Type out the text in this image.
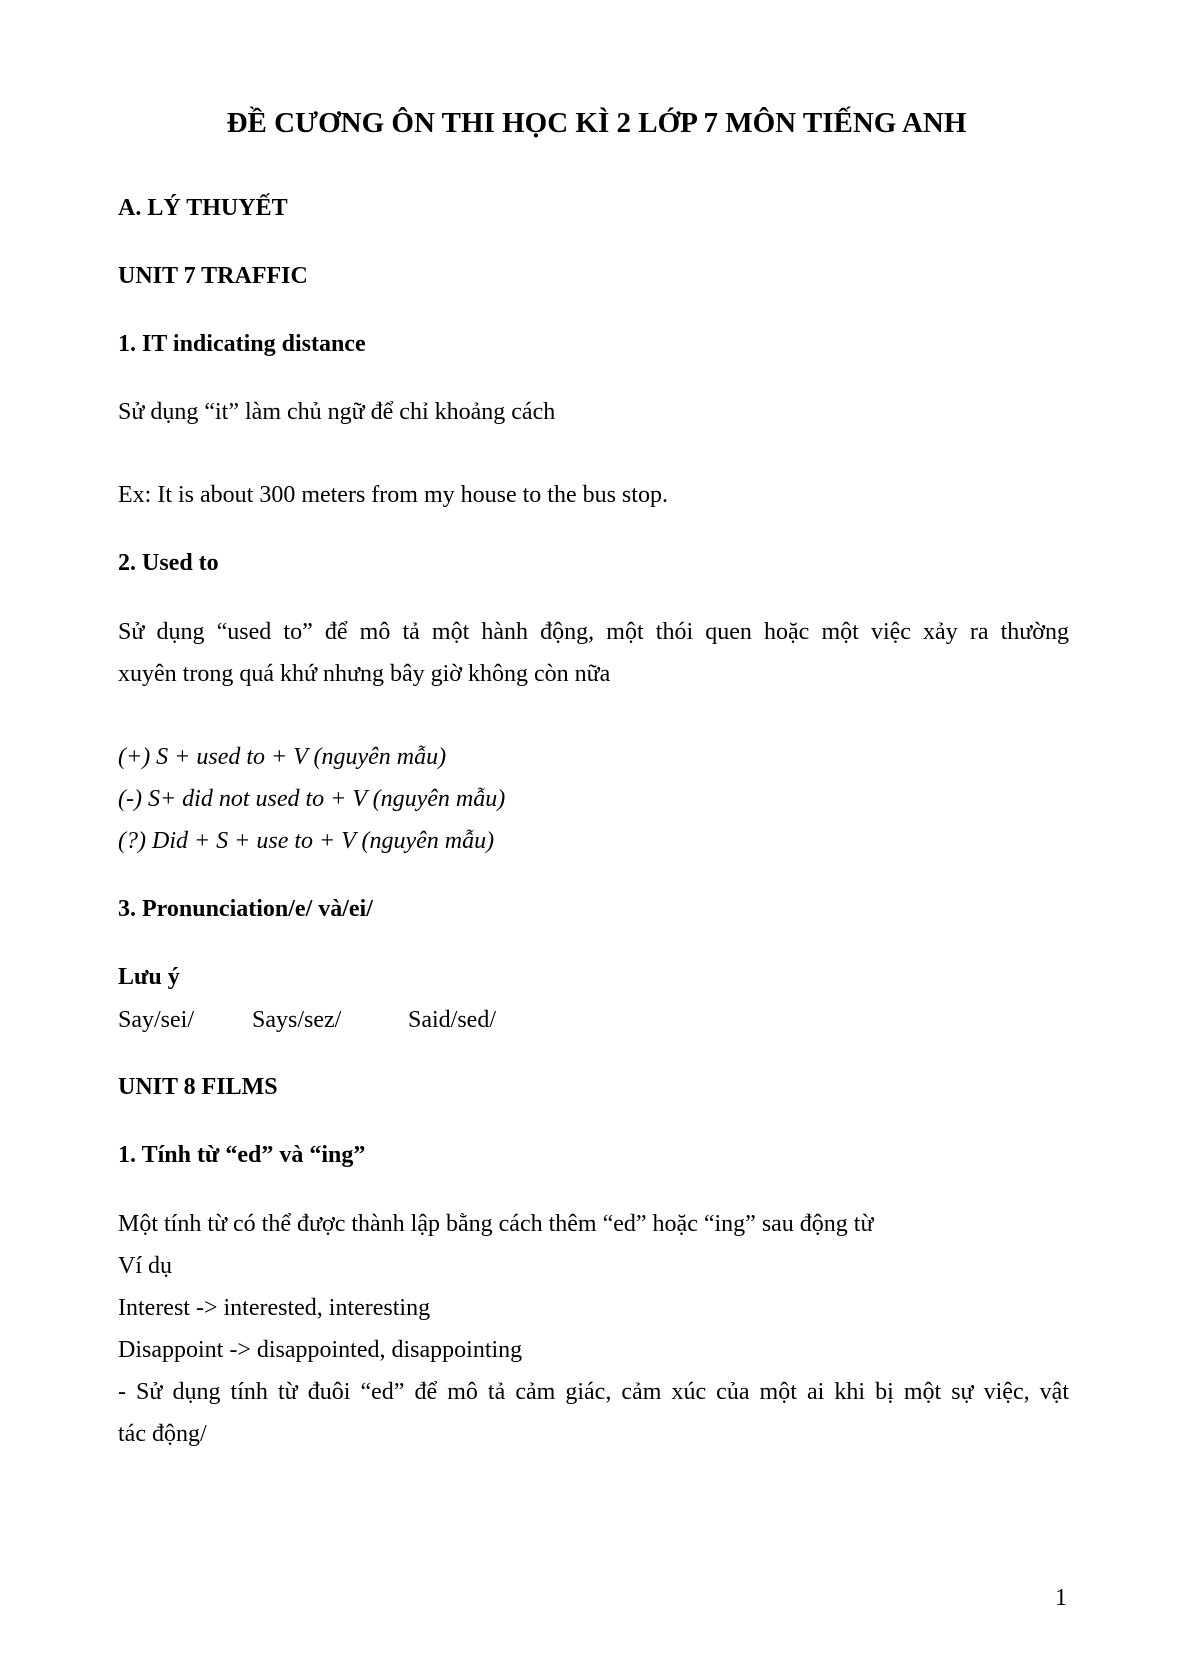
ĐỀ CƯƠNG ÔN THI HỌC KÌ 2 LỚP 7 MÔN TIẾNG ANH
A. LÝ THUYẾT
UNIT 7 TRAFFIC
1. IT indicating distance
Sử dụng “it” làm chủ ngữ để chỉ khoảng cách
Ex: It is about 300 meters from my house to the bus stop.
2. Used to
Sử dụng “used to” để mô tả một hành động, một thói quen hoặc một việc xảy ra thường
xuyên trong quá khứ nhưng bây giờ không còn nữa
(+) S + used to + V (nguyên mẫu)
(-) S+ did not used to + V (nguyên mẫu)
(?) Did + S + use to + V (nguyên mẫu)
3. Pronunciation/e/ và/ei/
Lưu ý
Say/sei/ Says/sez/	Said/sed/
UNIT 8 FILMS
1. Tính từ “ed” và “ing”
Một tính từ có thể được thành lập bằng cách thêm “ed” hoặc “ing” sau động từ
Ví dụ
Interest -> interested, interesting
Disappoint -> disappointed, disappointing
- Sử dụng tính từ đuôi “ed” để mô tả cảm giác, cảm xúc của một ai khi bị một sự việc, vật
tác động/
1
